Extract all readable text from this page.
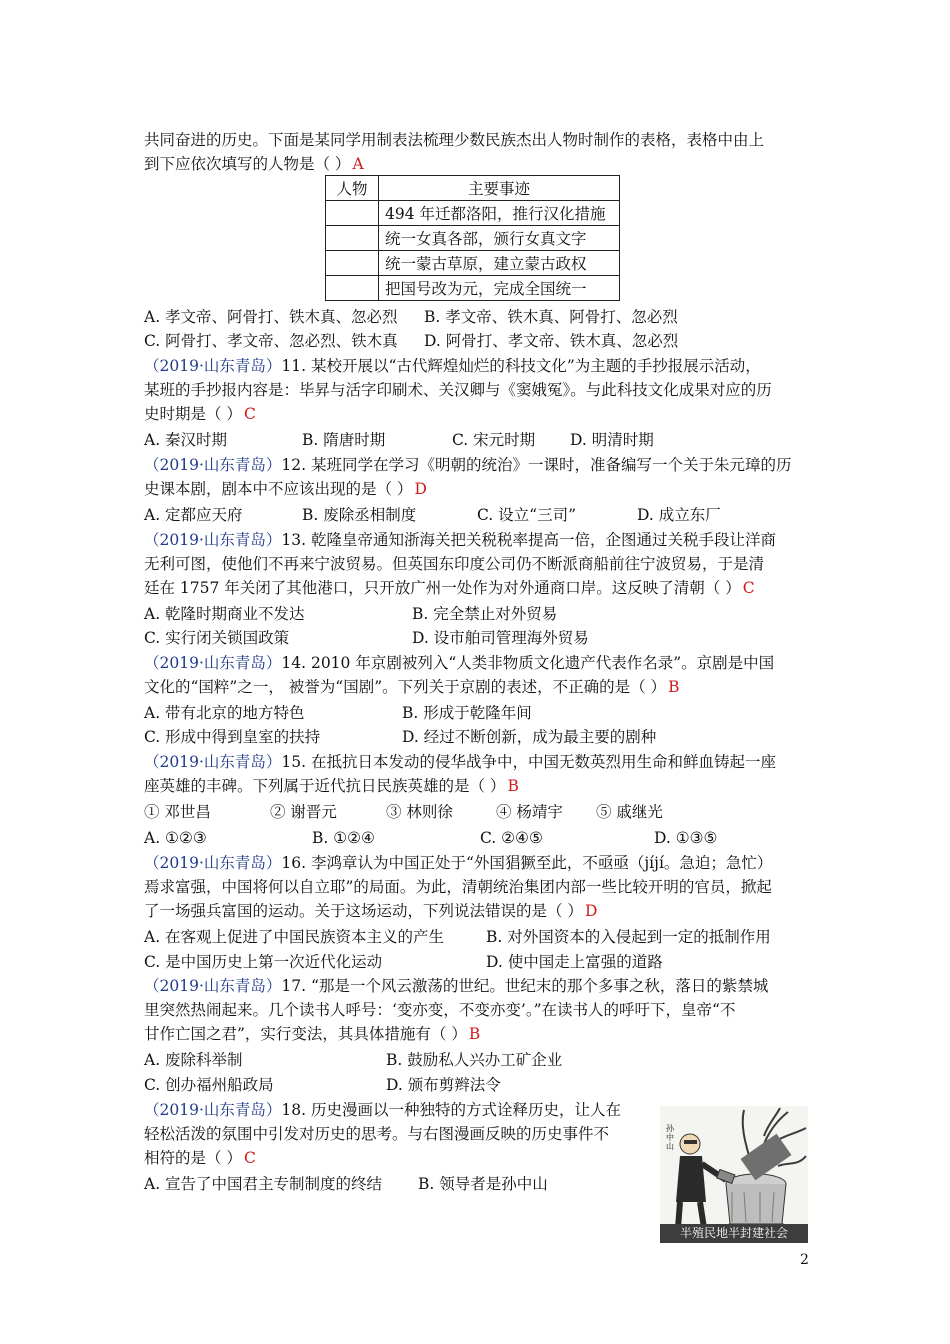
共同奋进的历史。下面是某同学用制表法梳理少数民族杰出人物时制作的表格，表格中由上
到下应依次填写的人物是（ ） A
人物	主要事迹
	494 年迁都洛阳，推行汉化措施
	统一女真各部，颁行女真文字
	统一蒙古草原，建立蒙古政权
	把国号改为元，完成全国统一
A. 孝文帝、阿骨打、铁木真、忽必烈 B. 孝文帝、铁木真、阿骨打、忽必烈
C. 阿骨打、孝文帝、忽必烈、铁木真 D. 阿骨打、孝文帝、铁木真、忽必烈
（2019·山东青岛）11. 某校开展以“古代辉煌灿烂的科技文化”为主题的手抄报展示活动，
某班的手抄报内容是：毕昇与活字印刷术、关汉卿与《窦娥冤》。与此科技文化成果对应的历
史时期是（ ） C
A. 秦汉时期	B. 隋唐时期	C. 宋元时期 D. 明清时期
（2019·山东青岛）12. 某班同学在学习《明朝的统治》一课时，准备编写一个关于朱元璋的历
史课本剧，剧本中不应该出现的是（ ） D
A. 定都应天府	B. 废除丞相制度	C. 设立“三司”	D. 成立东厂
（2019·山东青岛）13. 乾隆皇帝通知浙海关把关税税率提高一倍，企图通过关税手段让洋商
无利可图，使他们不再来宁波贸易。但英国东印度公司仍不断派商船前往宁波贸易，于是清
廷在 1757 年关闭了其他港口，只开放广州一处作为对外通商口岸。这反映了清朝（ ） C
A. 乾隆时期商业不发达	B. 完全禁止对外贸易
C. 实行闭关锁国政策	D. 设市舶司管理海外贸易
（2019·山东青岛）14. 2010 年京剧被列入“人类非物质文化遗产代表作名录”。京剧是中国
文化的“国粹”之一， 被誉为“国剧”。下列关于京剧的表述，不正确的是（ ） B
A. 带有北京的地方特色	B. 形成于乾隆年间
C. 形成中得到皇室的扶持	D. 经过不断创新，成为最主要的剧种
（2019·山东青岛）15. 在抵抗日本发动的侵华战争中，中国无数英烈用生命和鲜血铸起一座
座英雄的丰碑。下列属于近代抗日民族英雄的是（ ） B
① 邓世昌	② 谢晋元	③ 林则徐	④ 杨靖宇 ⑤ 戚继光
A. ①②③	B. ①②④	C. ②④⑤	D. ①③⑤
（2019·山东青岛）16. 李鸿章认为中国正处于“外国猖獗至此，不亟亟（jíjí。急迫；急忙）
焉求富强，中国将何以自立耶”的局面。为此，清朝统治集团内部一些比较开明的官员，掀起
了一场强兵富国的运动。关于这场运动，下列说法错误的是（ ） D
A. 在客观上促进了中国民族资本主义的产生	B. 对外国资本的入侵起到一定的抵制作用
C. 是中国历史上第一次近代化运动	D. 使中国走上富强的道路
（2019·山东青岛）17. “那是一个风云激荡的世纪。世纪末的那个多事之秋，落日的紫禁城
里突然热闹起来。几个读书人呼号：‘变亦变，不变亦变’。”在读书人的呼吁下，皇帝“不
甘作亡国之君”，实行变法，其具体措施有（ ） B
A. 废除科举制	B. 鼓励私人兴办工矿企业
C. 创办福州船政局	D. 颁布剪辫法令
（2019·山东青岛）18. 历史漫画以一种独特的方式诠释历史，让人在
轻松活泼的氛围中引发对历史的思考。与右图漫画反映的历史事件不
相符的是（ ） C
A. 宣告了中国君主专制制度的终结 B. 领导者是孙中山
孙中山
半殖民地半封建社会
2
